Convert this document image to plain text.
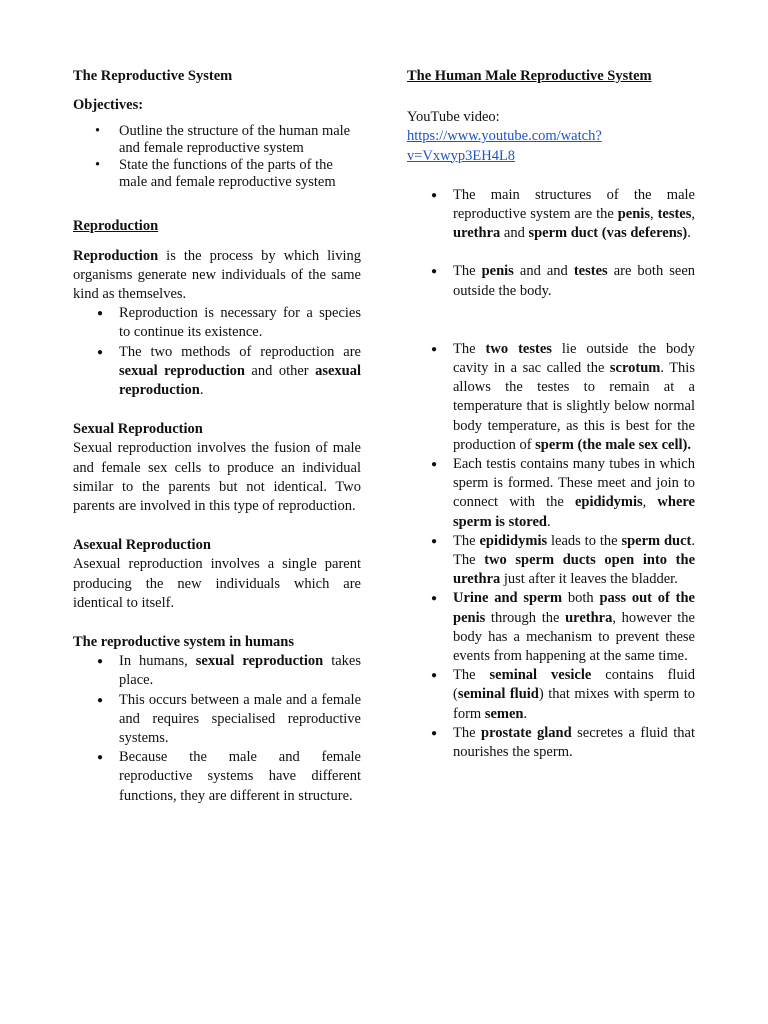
The Reproductive System
Objectives:
• Outline the structure of the human male and female reproductive system
• State the functions of the parts of the male and female reproductive system
Reproduction

Reproduction is the process by which living organisms generate new individuals of the same kind as themselves.

● Reproduction is necessary for a species to continue its existence.
● The two methods of reproduction are sexual reproduction and other asexual reproduction.
Sexual Reproduction

Sexual reproduction involves the fusion of male and female sex cells to produce an individual similar to the parents but not identical. Two parents are involved in this type of reproduction.

Asexual Reproduction

Asexual reproduction involves a single parent producing the new individuals which are identical to itself.

The reproductive system in humans
● In humans, sexual reproduction takes place.
● This occurs between a male and a female and requires specialised reproductive systems.
● Because the male and female reproductive systems have different functions, they are different in structure.
The Human Male Reproductive System

YouTube video:

https://www.youtube.com/watch?
v=Vxwyp3EH4L8
● The main structures of the male reproductive system are the penis, testes, urethra and sperm duct (vas deferens).
● The penis and and testes are both seen outside the body.
● The two testes lie outside the body cavity in a sac called the scrotum. This allows the testes to remain at a temperature that is slightly below normal body temperature, as this is best for the production of sperm (the male sex cell).
● Each testis contains many tubes in which sperm is formed. These meet and join to connect with the epididymis, where sperm is stored.
● The epididymis leads to the sperm duct. The two sperm ducts open into the urethra just after it leaves the bladder.
● Urine and sperm both pass out of the penis through the urethra, however the body has a mechanism to prevent these events from happening at the same time.
● The seminal vesicle contains fluid (seminal fluid) that mixes with sperm to form semen.
● The prostate gland secretes a fluid that nourishes the sperm.
